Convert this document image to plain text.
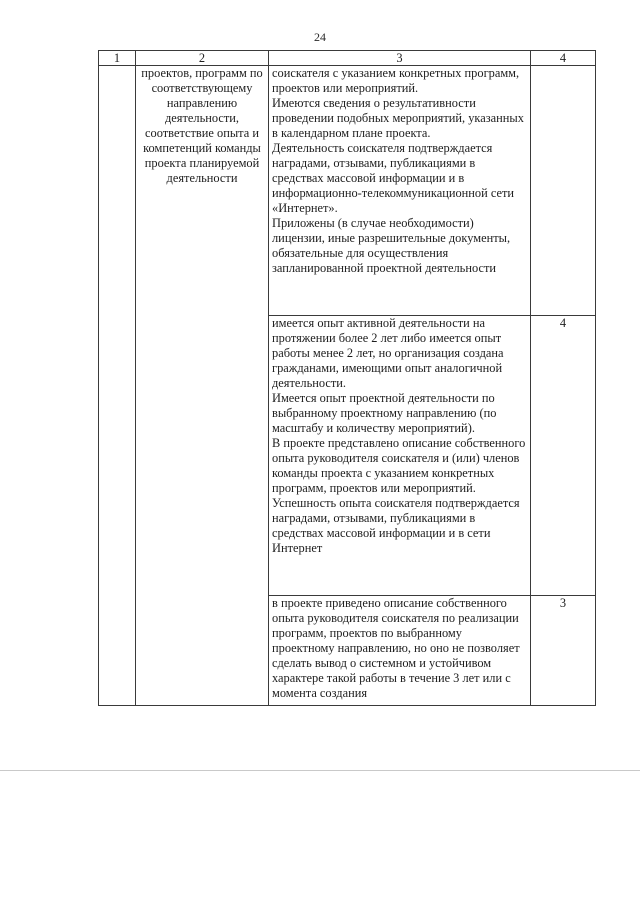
24
1	2	3	4
	проектов, программ по соответствующему направлению деятельности, соответствие опыта и компетенций команды проекта планируемой деятельности	соискателя с указанием конкретных программ, проектов или мероприятий.
Имеются сведения о результативности проведении подобных мероприятий, указанных в календарном плане проекта.
Деятельность соискателя подтверждается наградами, отзывами, публикациями в средствах массовой информации и в информационно-телекоммуникационной сети «Интернет».
Приложены (в случае необходимости) лицензии, иные разрешительные документы, обязательные для осуществления запланированной проектной деятельности	

		имеется опыт активной деятельности на протяжении более 2 лет либо имеется опыт работы менее 2 лет, но организация создана гражданами, имеющими опыт аналогичной деятельности.
Имеется опыт проектной деятельности по выбранному проектному направлению (по масштабу и количеству мероприятий).
В проекте представлено описание собственного опыта руководителя соискателя и (или) членов команды проекта с указанием конкретных программ, проектов или мероприятий.
Успешность опыта соискателя подтверждается наградами, отзывами, публикациями в средствах массовой информации и в сети Интернет	4

		в проекте приведено описание собственного опыта руководителя соискателя по реализации программ, проектов по выбранному проектному направлению, но оно не позволяет сделать вывод о системном и устойчивом характере такой работы в течение 3 лет или с момента создания	3
